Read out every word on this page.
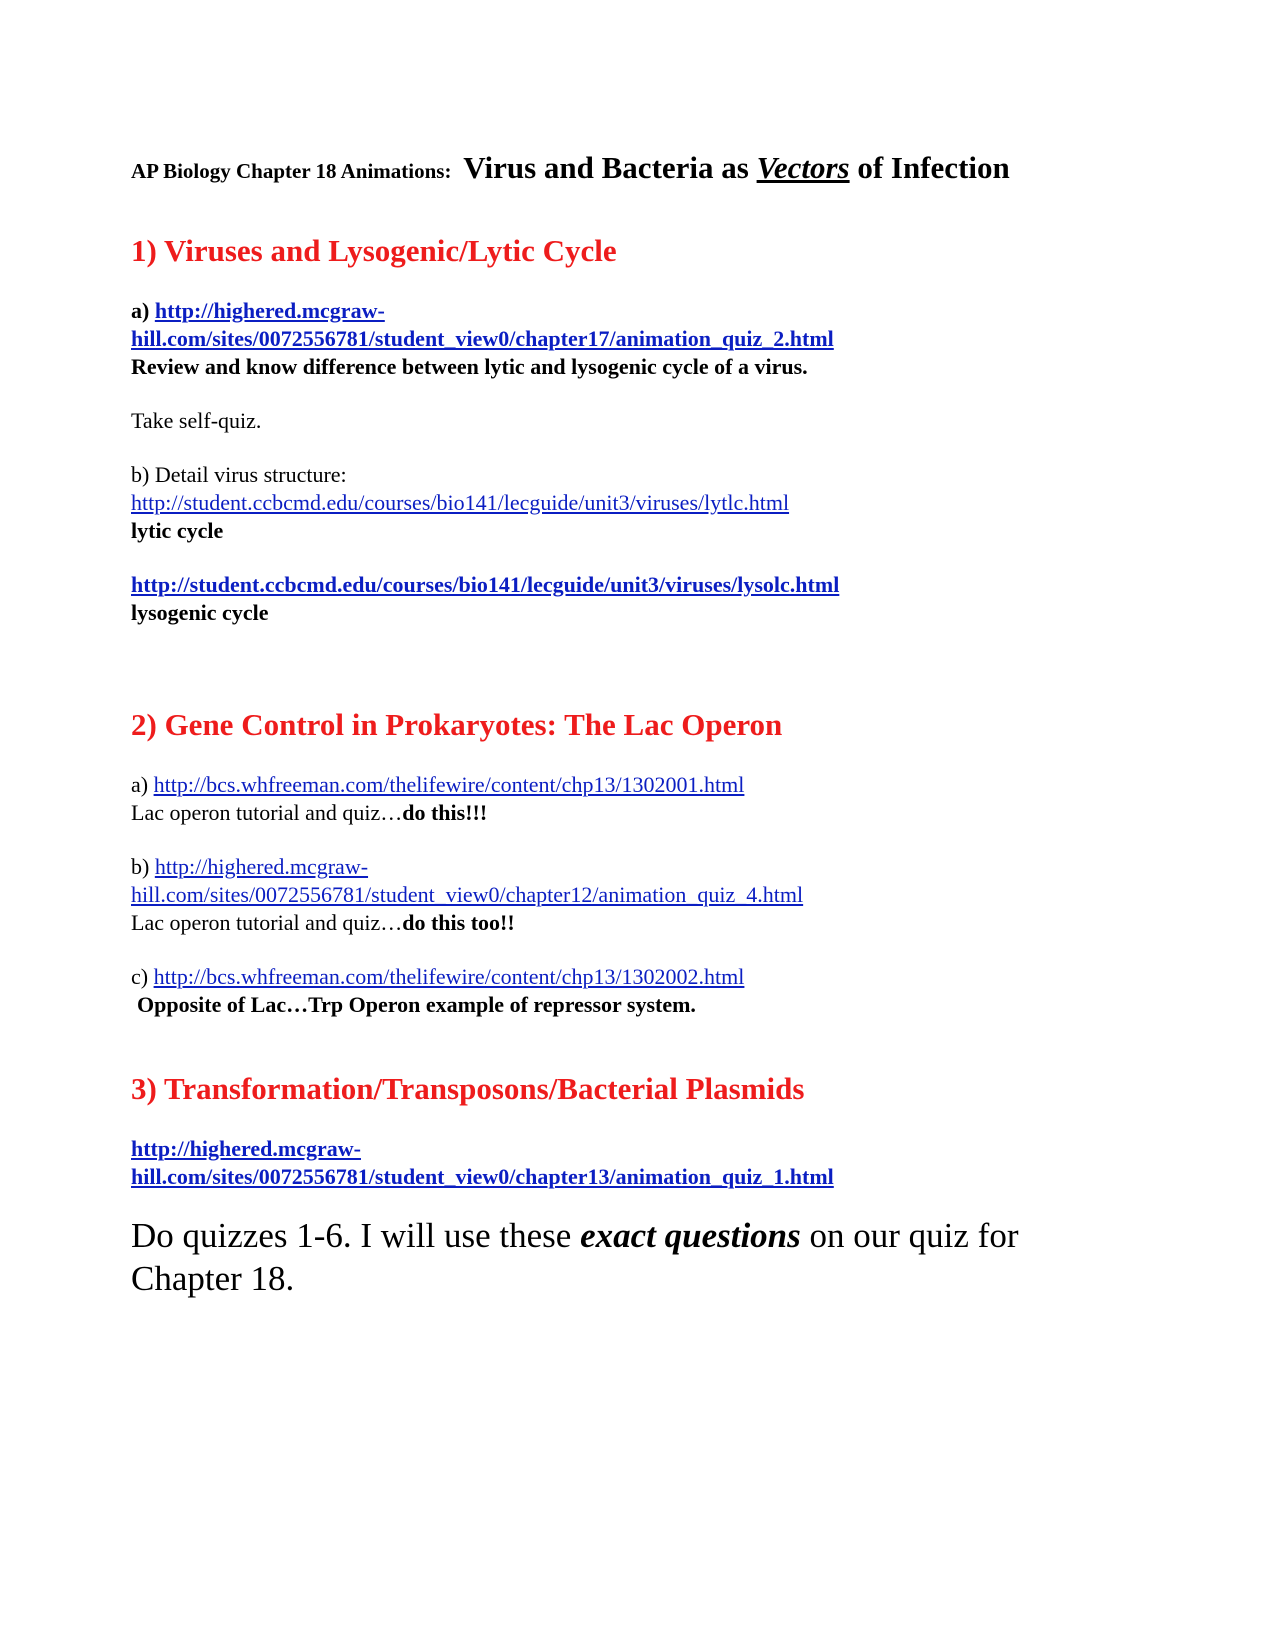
AP Biology Chapter 18 Animations: Virus and Bacteria as Vectors of Infection

1) Viruses and Lysogenic/Lytic Cycle

a) http://highered.mcgraw-

hill.com/sites/0072556781/student_view0/chapter17/animation_quiz_2.html

Review and know difference between lytic and lysogenic cycle of a virus.

Take self-quiz.

b) Detail virus structure:

http://student.ccbcmd.edu/courses/bio141/lecguide/unit3/viruses/lytlc.html

lytic cycle

http://student.ccbcmd.edu/courses/bio141/lecguide/unit3/viruses/lysolc.html

lysogenic cycle

2) Gene Control in Prokaryotes: The Lac Operon

a) http://bcs.whfreeman.com/thelifewire/content/chp13/1302001.html

Lac operon tutorial and quiz…do this!!!

b) http://highered.mcgraw-

hill.com/sites/0072556781/student_view0/chapter12/animation_quiz_4.html

Lac operon tutorial and quiz…do this too!!

c) http://bcs.whfreeman.com/thelifewire/content/chp13/1302002.html

Opposite of Lac…Trp Operon example of repressor system.

3) Transformation/Transposons/Bacterial Plasmids

http://highered.mcgraw-

hill.com/sites/0072556781/student_view0/chapter13/animation_quiz_1.html

Do quizzes 1-6. I will use these exact questions on our quiz for

Chapter 18.
